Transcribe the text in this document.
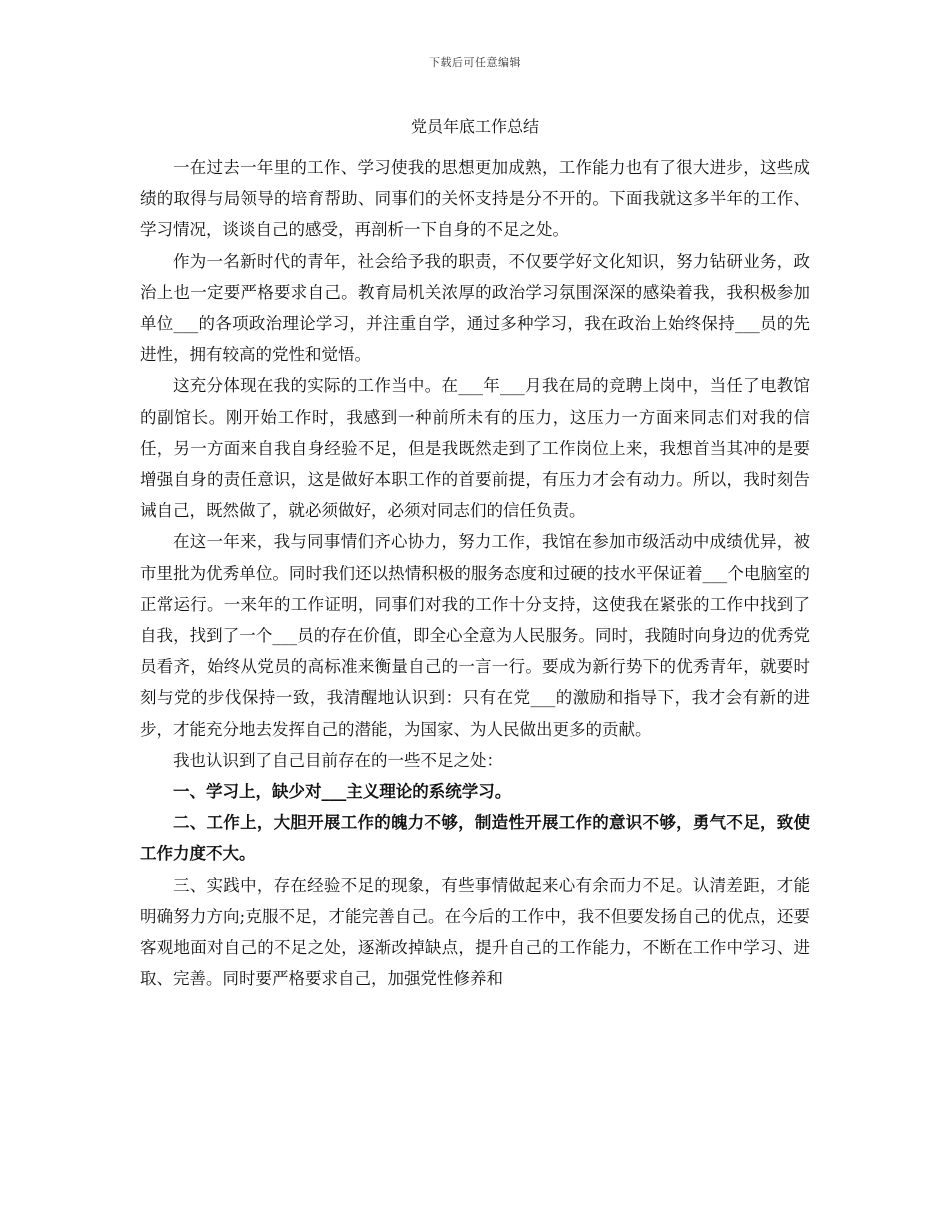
下载后可任意编辑
党员年底工作总结

一在过去一年里的工作、学习使我的思想更加成熟，工作能力也有了很大进步，这些成绩的取得与局领导的培育帮助、同事们的关怀支持是分不开的。下面我就这多半年的工作、学习情况，谈谈自己的感受，再剖析一下自身的不足之处。

作为一名新时代的青年，社会给予我的职责，不仅要学好文化知识，努力钻研业务，政治上也一定要严格要求自己。教育局机关浓厚的政治学习氛围深深的感染着我，我积极参加单位___的各项政治理论学习，并注重自学，通过多种学习，我在政治上始终保持___员的先进性，拥有较高的党性和觉悟。

这充分体现在我的实际的工作当中。在___年___月我在局的竞聘上岗中，当任了电教馆的副馆长。刚开始工作时，我感到一种前所未有的压力，这压力一方面来同志们对我的信任，另一方面来自我自身经验不足，但是我既然走到了工作岗位上来，我想首当其冲的是要增强自身的责任意识，这是做好本职工作的首要前提，有压力才会有动力。所以，我时刻告诫自己，既然做了，就必须做好，必须对同志们的信任负责。

在这一年来，我与同事情们齐心协力，努力工作，我馆在参加市级活动中成绩优异，被市里批为优秀单位。同时我们还以热情积极的服务态度和过硬的技水平保证着___个电脑室的正常运行。一来年的工作证明，同事们对我的工作十分支持，这使我在紧张的工作中找到了自我，找到了一个___员的存在价值，即全心全意为人民服务。同时，我随时向身边的优秀党员看齐，始终从党员的高标准来衡量自己的一言一行。要成为新行势下的优秀青年，就要时刻与党的步伐保持一致，我清醒地认识到：只有在党___的激励和指导下，我才会有新的进步，才能充分地去发挥自己的潜能，为国家、为人民做出更多的贡献。

我也认识到了自己目前存在的一些不足之处：

一、学习上，缺少对___主义理论的系统学习。

二、工作上，大胆开展工作的魄力不够，制造性开展工作的意识不够，勇气不足，致使工作力度不大。

三、实践中，存在经验不足的现象，有些事情做起来心有余而力不足。认清差距，才能明确努力方向;克服不足，才能完善自己。在今后的工作中，我不但要发扬自己的优点，还要客观地面对自己的不足之处，逐渐改掉缺点，提升自己的工作能力，不断在工作中学习、进取、完善。同时要严格要求自己，加强党性修养和
